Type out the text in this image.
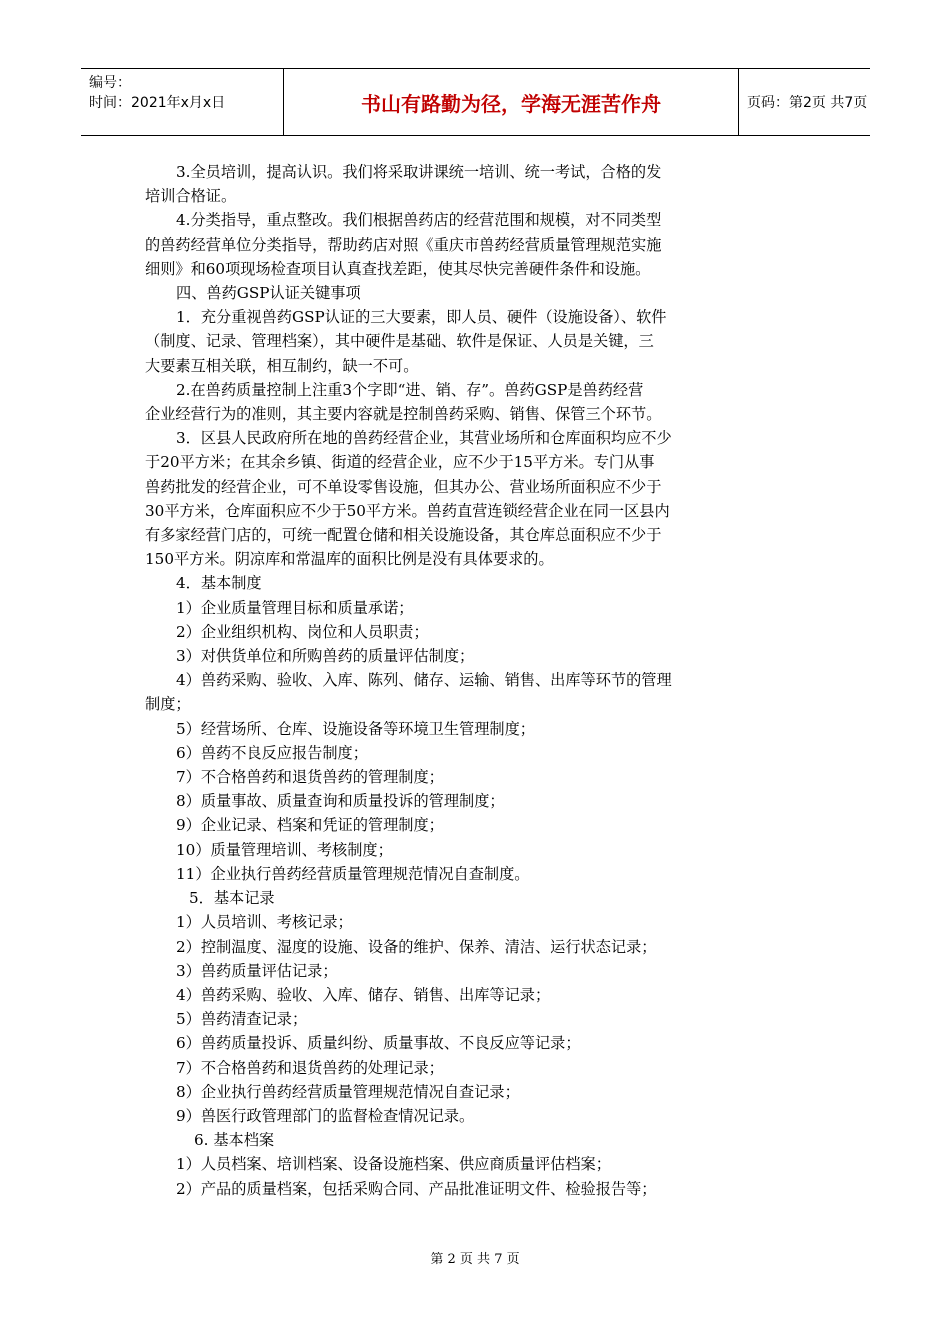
编号：
时间：2021年x月x日	书山有路勤为径，学海无涯苦作舟	页码：第2页 共7页

3.全员培训，提高认识。我们将采取讲课统一培训、统一考试，合格的发

培训合格证。

4.分类指导，重点整改。我们根据兽药店的经营范围和规模，对不同类型

的兽药经营单位分类指导，帮助药店对照《重庆市兽药经营质量管理规范实施

细则》和60项现场检查项目认真查找差距，使其尽快完善硬件条件和设施。

四、兽药GSP认证关键事项

1．充分重视兽药GSP认证的三大要素，即人员、硬件（设施设备）、软件

（制度、记录、管理档案），其中硬件是基础、软件是保证、人员是关键，三

大要素互相关联，相互制约，缺一不可。

2.在兽药质量控制上注重3个字即“进、销、存”。兽药GSP是兽药经营

企业经营行为的准则，其主要内容就是控制兽药采购、销售、保管三个环节。

3．区县人民政府所在地的兽药经营企业，其营业场所和仓库面积均应不少

于20平方米；在其余乡镇、街道的经营企业，应不少于15平方米。专门从事

兽药批发的经营企业，可不单设零售设施，但其办公、营业场所面积应不少于

30平方米，仓库面积应不少于50平方米。兽药直营连锁经营企业在同一区县内

有多家经营门店的，可统一配置仓储和相关设施设备，其仓库总面积应不少于

150平方米。阴凉库和常温库的面积比例是没有具体要求的。

4．基本制度

1）企业质量管理目标和质量承诺；

2）企业组织机构、岗位和人员职责；

3）对供货单位和所购兽药的质量评估制度；

4）兽药采购、验收、入库、陈列、储存、运输、销售、出库等环节的管理

制度；

5）经营场所、仓库、设施设备等环境卫生管理制度；

6）兽药不良反应报告制度；

7）不合格兽药和退货兽药的管理制度；

8）质量事故、质量查询和质量投诉的管理制度；

9）企业记录、档案和凭证的管理制度；

10）质量管理培训、考核制度；

11）企业执行兽药经营质量管理规范情况自查制度。

5．基本记录

1）人员培训、考核记录；

2）控制温度、湿度的设施、设备的维护、保养、清洁、运行状态记录；

3）兽药质量评估记录；

4）兽药采购、验收、入库、储存、销售、出库等记录；

5）兽药清查记录；

6）兽药质量投诉、质量纠纷、质量事故、不良反应等记录；

7）不合格兽药和退货兽药的处理记录；

8）企业执行兽药经营质量管理规范情况自查记录；

9）兽医行政管理部门的监督检查情况记录。

6. 基本档案

1）人员档案、培训档案、设备设施档案、供应商质量评估档案；

2）产品的质量档案，包括采购合同、产品批准证明文件、检验报告等；

第 2 页 共 7 页
